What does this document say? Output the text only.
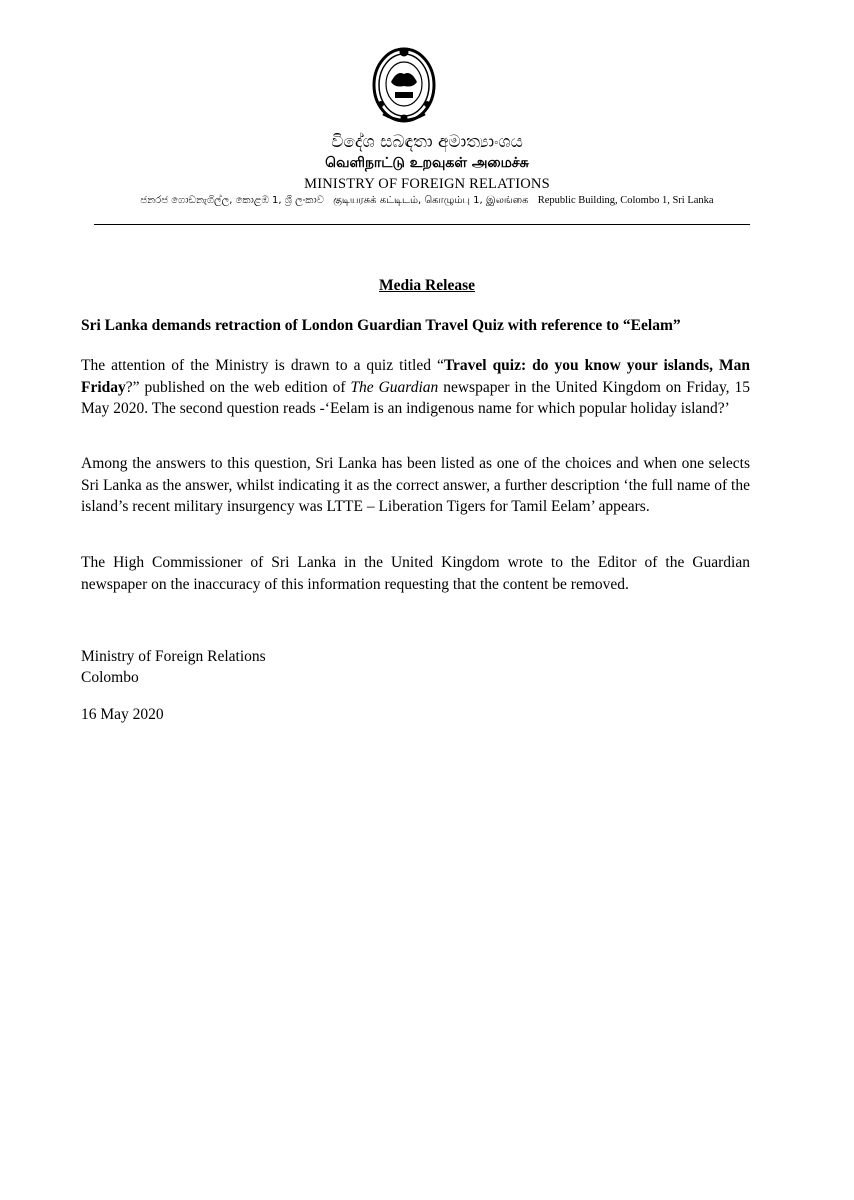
විදේශ සබඳතා අමාත්‍යාංශය
வெளிநாட்டு உறவுகள் அமைச்சு
MINISTRY OF FOREIGN RELATIONS
ජනරජ ගොඩනැගිල්ල, කොළඹ 1, ශ්‍රී ලංකාව குடியரசுக் கட்டிடம், கொழும்பு 1, இலங்கை Republic Building, Colombo 1, Sri Lanka
Media Release
Sri Lanka demands retraction of London Guardian Travel Quiz with reference to “Eelam”
The attention of the Ministry is drawn to a quiz titled “Travel quiz: do you know your islands, Man Friday?” published on the web edition of The Guardian newspaper in the United Kingdom on Friday, 15 May 2020. The second question reads -‘Eelam is an indigenous name for which popular holiday island?’
Among the answers to this question, Sri Lanka has been listed as one of the choices and when one selects Sri Lanka as the answer, whilst indicating it as the correct answer, a further description ‘the full name of the island’s recent military insurgency was LTTE – Liberation Tigers for Tamil Eelam’ appears.
The High Commissioner of Sri Lanka in the United Kingdom wrote to the Editor of the Guardian newspaper on the inaccuracy of this information requesting that the content be removed.
Ministry of Foreign Relations
Colombo
16 May 2020
